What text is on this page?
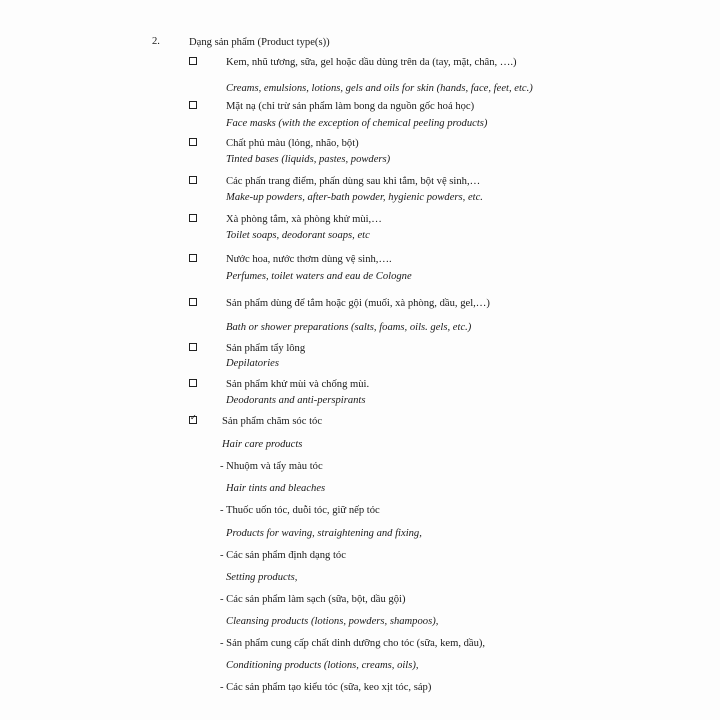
2.	Dạng sản phẩm (Product type(s))
Kem, nhũ tương, sữa, gel hoặc dầu dùng trên da (tay, mặt, chân, ….)
Creams, emulsions, lotions, gels and oils for skin (hands, face, feet, etc.)
Mặt nạ (chỉ trừ sản phẩm làm bong da nguồn gốc hoá học)
Face masks (with the exception of chemical peeling products)
Chất phủ màu (lỏng, nhão, bột)
Tinted bases (liquids, pastes, powders)
Các phấn trang điểm, phấn dùng sau khi tắm, bột vệ sinh,…
Make-up powders, after-bath powder, hygienic powders, etc.
Xà phòng tắm, xà phòng khử mùi,…
Toilet soaps, deodorant soaps, etc
Nước hoa, nước thơm dùng vệ sinh,….
Perfumes, toilet waters and eau de Cologne
Sản phẩm dùng để tắm hoặc gội (muối, xà phòng, dầu, gel,…)
Bath or shower preparations (salts, foams, oils. gels, etc.)
Sản phẩm tẩy lông
Depilatories
Sản phẩm khử mùi và chống mùi.
Deodorants and anti-perspirants
✓
Sản phẩm chăm sóc tóc
Hair care products
- Nhuộm và tẩy màu tóc
Hair tints and bleaches
- Thuốc uốn tóc, duỗi tóc, giữ nếp tóc
Products for waving, straightening and fixing,
- Các sản phẩm định dạng tóc
Setting products,
- Các sản phẩm làm sạch (sữa, bột, dầu gội)
Cleansing products (lotions, powders, shampoos),
- Sản phẩm cung cấp chất dinh dưỡng cho tóc (sữa, kem, dầu),
Conditioning products (lotions, creams, oils),
- Các sản phẩm tạo kiểu tóc (sữa, keo xịt tóc, sáp)
